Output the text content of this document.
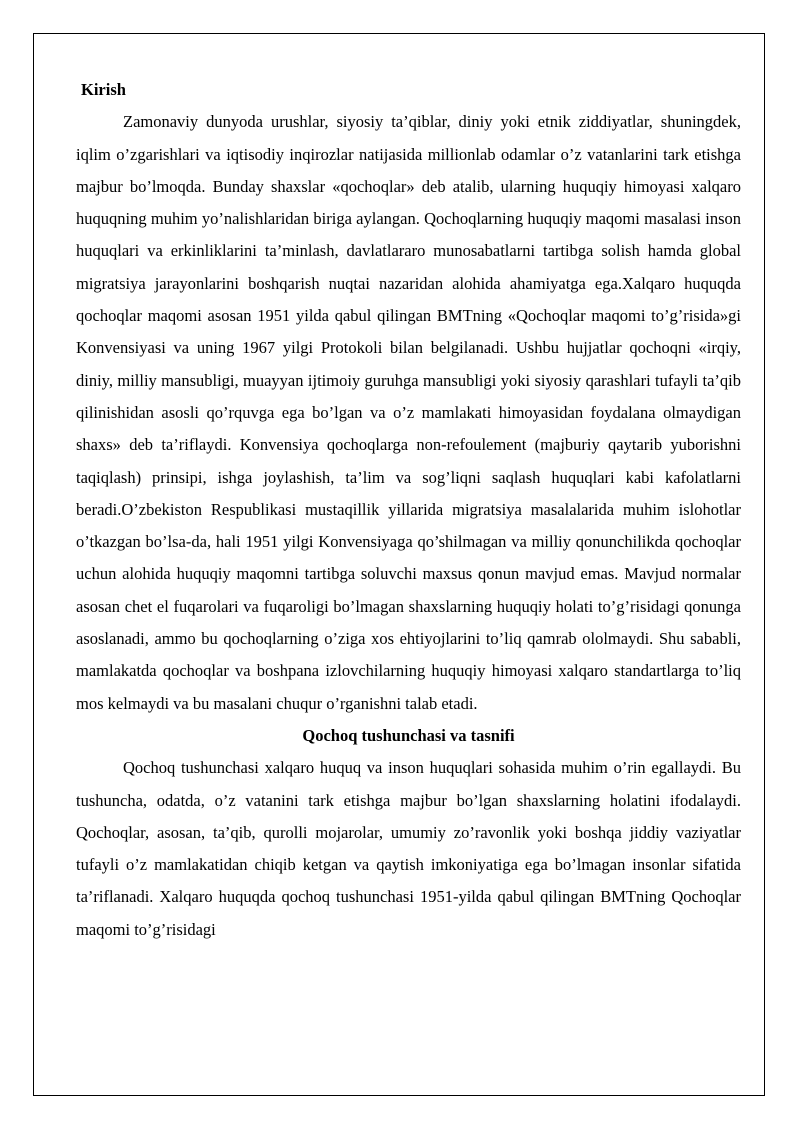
Kirish

Zamonaviy dunyoda urushlar, siyosiy ta’qiblar, diniy yoki etnik ziddiyatlar, shuningdek, iqlim o’zgarishlari va iqtisodiy inqirozlar natijasida millionlab odamlar o’z vatanlarini tark etishga majbur bo’lmoqda. Bunday shaxslar «qochoqlar» deb atalib, ularning huquqiy himoyasi xalqaro huquqning muhim yo’nalishlaridan biriga aylangan. Qochoqlarning huquqiy maqomi masalasi inson huquqlari va erkinliklarini ta’minlash, davlatlararo munosabatlarni tartibga solish hamda global migratsiya jarayonlarini boshqarish nuqtai nazaridan alohida ahamiyatga ega.Xalqaro huquqda qochoqlar maqomi asosan 1951 yilda qabul qilingan BMTning «Qochoqlar maqomi to’g’risida»gi Konvensiyasi va uning 1967 yilgi Protokoli bilan belgilanadi. Ushbu hujjatlar qochoqni «irqiy, diniy, milliy mansubligi, muayyan ijtimoiy guruhga mansubligi yoki siyosiy qarashlari tufayli ta’qib qilinishidan asosli qo’rquvga ega bo’lgan va o’z mamlakati himoyasidan foydalana olmaydigan shaxs» deb ta’riflaydi. Konvensiya qochoqlarga non-refoulement (majburiy qaytarib yuborishni taqiqlash) prinsipi, ishga joylashish, ta’lim va sog’liqni saqlash huquqlari kabi kafolatlarni beradi.O’zbekiston Respublikasi mustaqillik yillarida migratsiya masalalarida muhim islohotlar o’tkazgan bo’lsa-da, hali 1951 yilgi Konvensiyaga qo’shilmagan va milliy qonunchilikda qochoqlar uchun alohida huquqiy maqomni tartibga soluvchi maxsus qonun mavjud emas. Mavjud normalar asosan chet el fuqarolari va fuqaroligi bo’lmagan shaxslarning huquqiy holati to’g’risidagi qonunga asoslanadi, ammo bu qochoqlarning o’ziga xos ehtiyojlarini to’liq qamrab ololmaydi. Shu sababli, mamlakatda qochoqlar va boshpana izlovchilarning huquqiy himoyasi xalqaro standartlarga to’liq mos kelmaydi va bu masalani chuqur o’rganishni talab etadi.

Qochoq tushunchasi va tasnifi

Qochoq tushunchasi xalqaro huquq va inson huquqlari sohasida muhim o’rin egallaydi. Bu tushuncha, odatda, o’z vatanini tark etishga majbur bo’lgan shaxslarning holatini ifodalaydi. Qochoqlar, asosan, ta’qib, qurolli mojarolar, umumiy zo’ravonlik yoki boshqa jiddiy vaziyatlar tufayli o’z mamlakatidan chiqib ketgan va qaytish imkoniyatiga ega bo’lmagan insonlar sifatida ta’riflanadi. Xalqaro huquqda qochoq tushunchasi 1951-yilda qabul qilingan BMTning Qochoqlar maqomi to’g’risidagi
